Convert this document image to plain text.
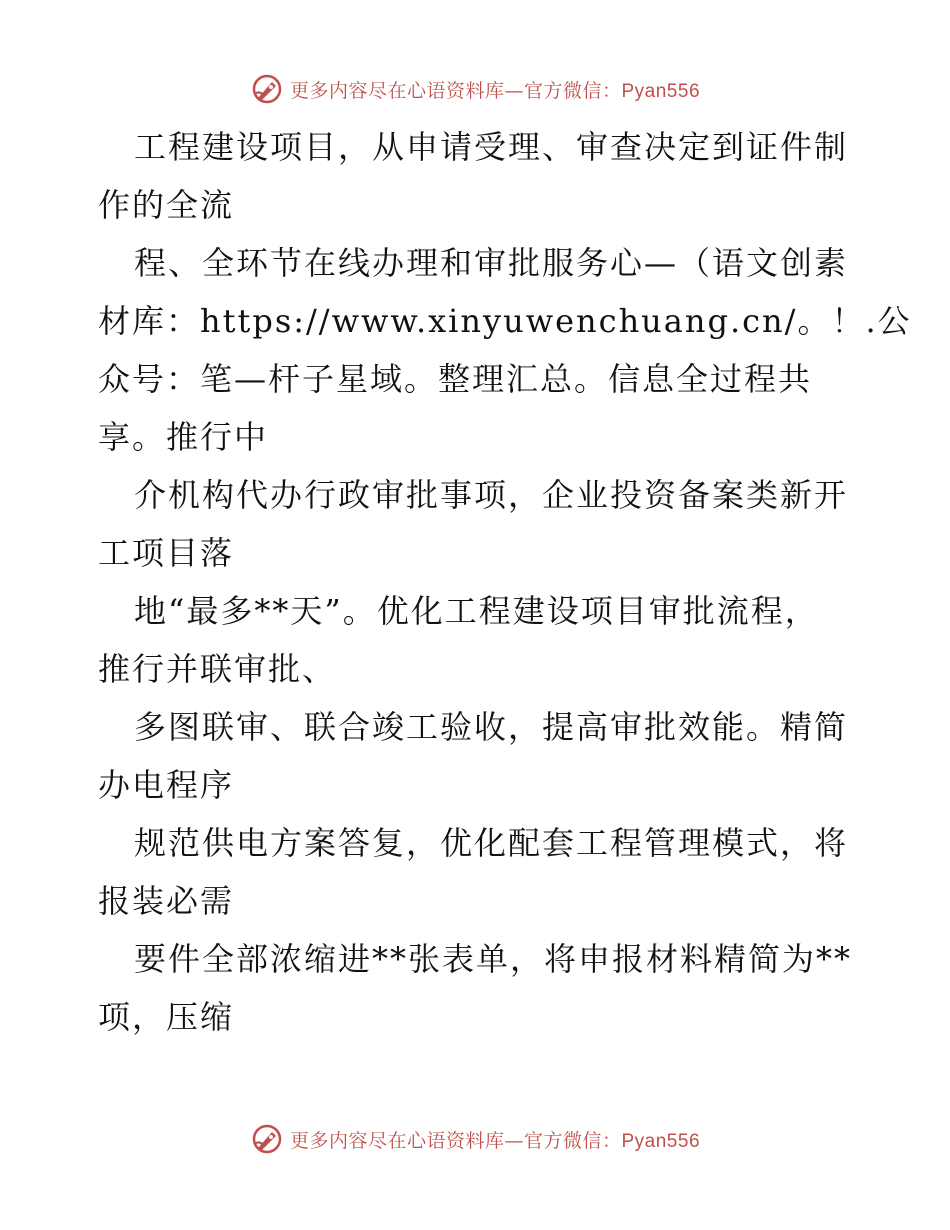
更多内容尽在心语资料库—官方微信：Pyan556
工程建设项目，从申请受理、审查决定到证件制
作的全流
程、全环节在线办理和审批服务心—（语文创素
材库：https://www.xinyuwenchuang.cn/。！.公
众号：笔—杆子星域。整理汇总。信息全过程共
享。推行中
介机构代办行政审批事项，企业投资备案类新开
工项目落
地“最多**天”。优化工程建设项目审批流程，
推行并联审批、
多图联审、联合竣工验收，提高审批效能。精简
办电程序
规范供电方案答复，优化配套工程管理模式，将
报装必需
要件全部浓缩进**张表单，将申报材料精简为**
项，压缩
更多内容尽在心语资料库—官方微信：Pyan556
